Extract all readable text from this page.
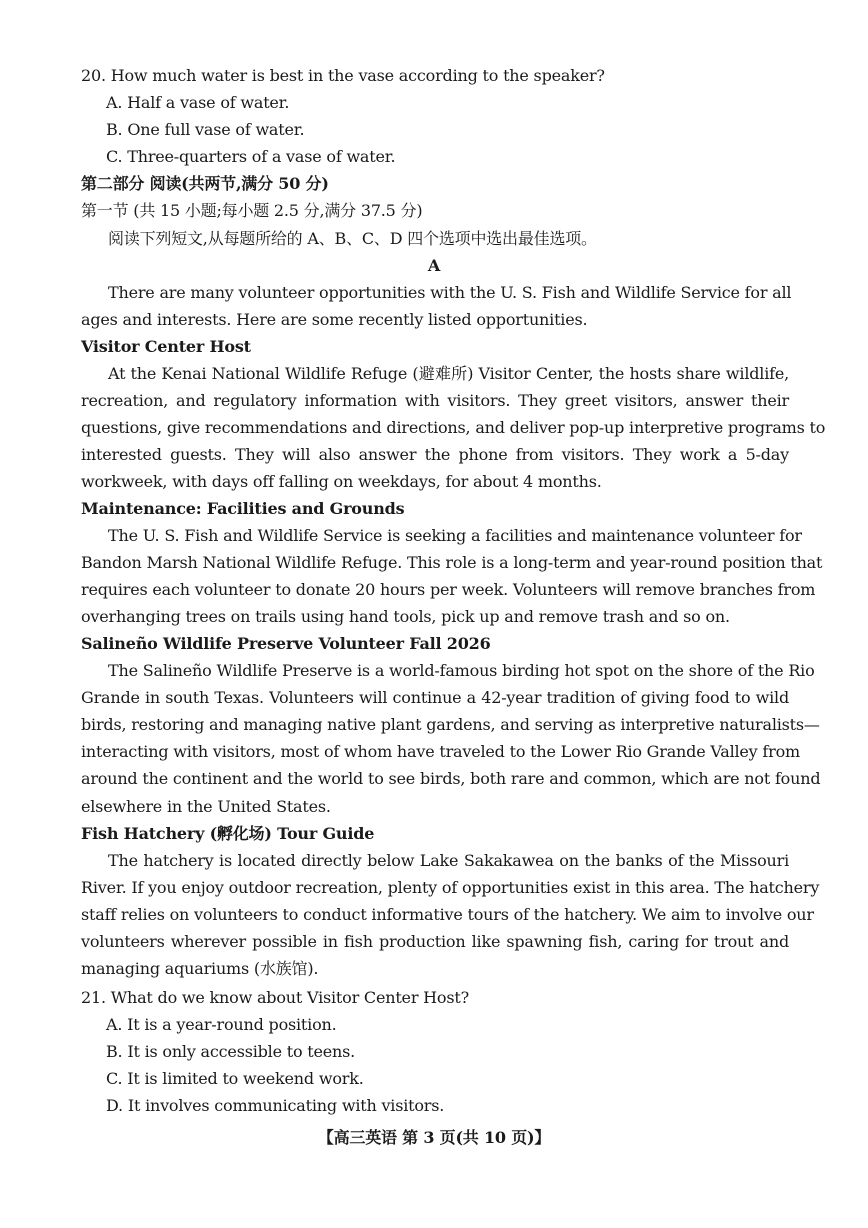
20. How much water is best in the vase according to the speaker?
A. Half a vase of water.
B. One full vase of water.
C. Three-quarters of a vase of water.
第二部分 阅读(共两节,满分 50 分)
第一节 (共 15 小题;每小题 2.5 分,满分 37.5 分)
阅读下列短文,从每题所给的 A、B、C、D 四个选项中选出最佳选项。
A
There are many volunteer opportunities with the U. S. Fish and Wildlife Service for all
ages and interests. Here are some recently listed opportunities.
Visitor Center Host
At the Kenai National Wildlife Refuge (避难所) Visitor Center, the hosts share wildlife,
recreation, and regulatory information with visitors. They greet visitors, answer their
questions, give recommendations and directions, and deliver pop-up interpretive programs to
interested guests. They will also answer the phone from visitors. They work a 5-day
workweek, with days off falling on weekdays, for about 4 months.
Maintenance: Facilities and Grounds
The U. S. Fish and Wildlife Service is seeking a facilities and maintenance volunteer for
Bandon Marsh National Wildlife Refuge. This role is a long-term and year-round position that
requires each volunteer to donate 20 hours per week. Volunteers will remove branches from
overhanging trees on trails using hand tools, pick up and remove trash and so on.
Salineño Wildlife Preserve Volunteer Fall 2026
The Salineño Wildlife Preserve is a world-famous birding hot spot on the shore of the Rio
Grande in south Texas. Volunteers will continue a 42-year tradition of giving food to wild
birds, restoring and managing native plant gardens, and serving as interpretive naturalists—
interacting with visitors, most of whom have traveled to the Lower Rio Grande Valley from
around the continent and the world to see birds, both rare and common, which are not found
elsewhere in the United States.
Fish Hatchery (孵化场) Tour Guide
The hatchery is located directly below Lake Sakakawea on the banks of the Missouri
River. If you enjoy outdoor recreation, plenty of opportunities exist in this area. The hatchery
staff relies on volunteers to conduct informative tours of the hatchery. We aim to involve our
volunteers wherever possible in fish production like spawning fish, caring for trout and
managing aquariums (水族馆).
21. What do we know about Visitor Center Host?
A. It is a year-round position.
B. It is only accessible to teens.
C. It is limited to weekend work.
D. It involves communicating with visitors.
【高三英语 第 3 页(共 10 页)】
